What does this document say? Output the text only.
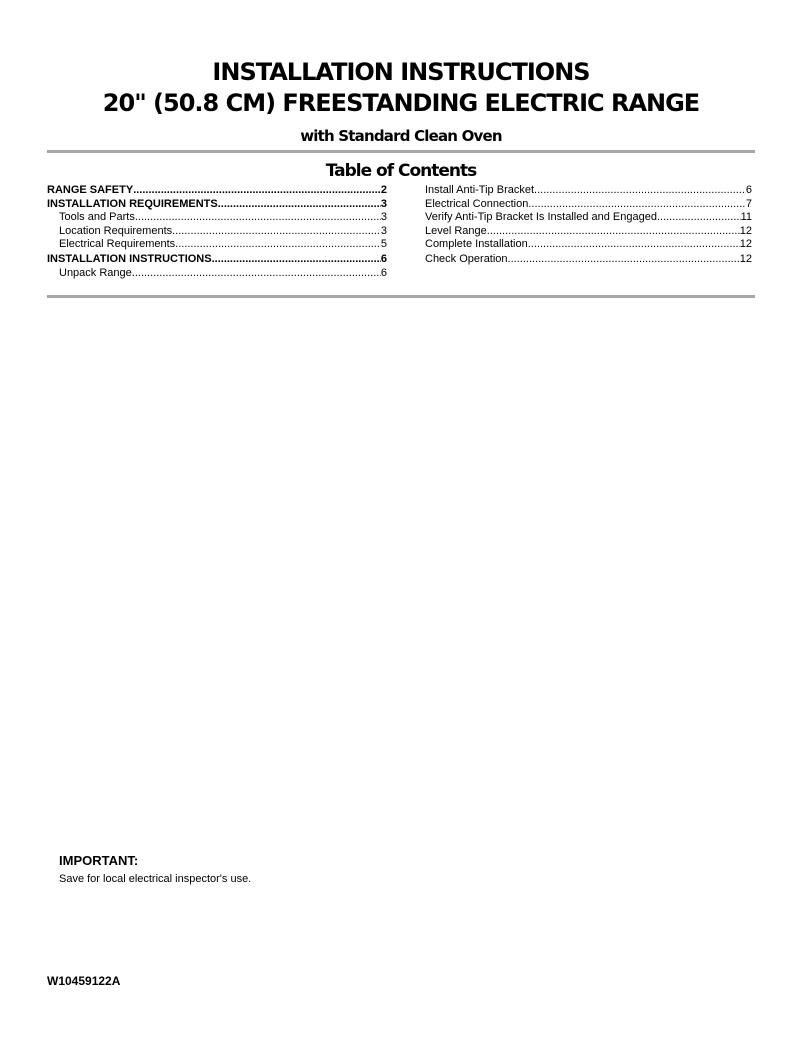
INSTALLATION INSTRUCTIONS
20" (50.8 CM) FREESTANDING ELECTRIC RANGE
with Standard Clean Oven
Table of Contents
RANGE SAFETY .....	2
INSTALLATION REQUIREMENTS .....	3
Tools and Parts .....	3
Location Requirements .....	3
Electrical Requirements .....	5
INSTALLATION INSTRUCTIONS .....	6
Unpack Range .....	6
Install Anti-Tip Bracket .....	6
Electrical Connection .....	7
Verify Anti-Tip Bracket Is Installed and Engaged .....	11
Level Range .....	12
Complete Installation .....	12
Check Operation .....	12
IMPORTANT:
Save for local electrical inspector's use.
W10459122A
